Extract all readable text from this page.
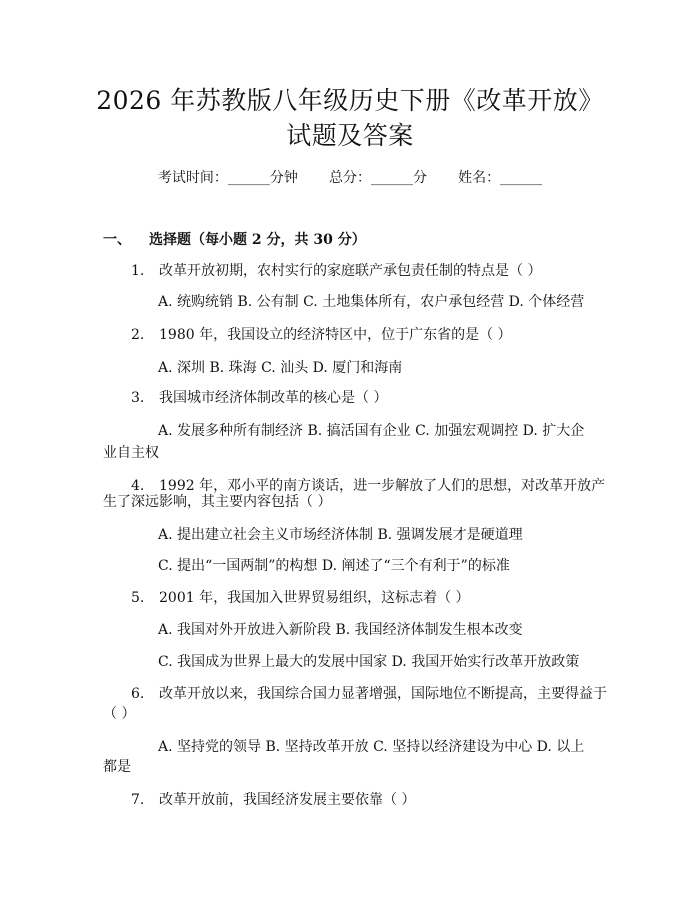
2026 年苏教版八年级历史下册《改革开放》
试题及答案
考试时间：______分钟 总分：______分 姓名：______
一、 选择题（每小题 2 分，共 30 分）
1. 改革开放初期，农村实行的家庭联产承包责任制的特点是（ ）
A. 统购统销 B. 公有制 C. 土地集体所有，农户承包经营 D. 个体经营
2. 1980 年，我国设立的经济特区中，位于广东省的是（ ）
A. 深圳 B. 珠海 C. 汕头 D. 厦门和海南
3. 我国城市经济体制改革的核心是（ ）
A. 发展多种所有制经济 B. 搞活国有企业 C. 加强宏观调控 D. 扩大企
业自主权
4. 1992 年，邓小平的南方谈话，进一步解放了人们的思想，对改革开放产
生了深远影响，其主要内容包括（ ）
A. 提出建立社会主义市场经济体制 B. 强调发展才是硬道理
C. 提出“一国两制”的构想 D. 阐述了“三个有利于”的标准
5. 2001 年，我国加入世界贸易组织，这标志着（ ）
A. 我国对外开放进入新阶段 B. 我国经济体制发生根本改变
C. 我国成为世界上最大的发展中国家 D. 我国开始实行改革开放政策
6. 改革开放以来，我国综合国力显著增强，国际地位不断提高，主要得益于
（ ）
A. 坚持党的领导 B. 坚持改革开放 C. 坚持以经济建设为中心 D. 以上
都是
7. 改革开放前，我国经济发展主要依靠（ ）
